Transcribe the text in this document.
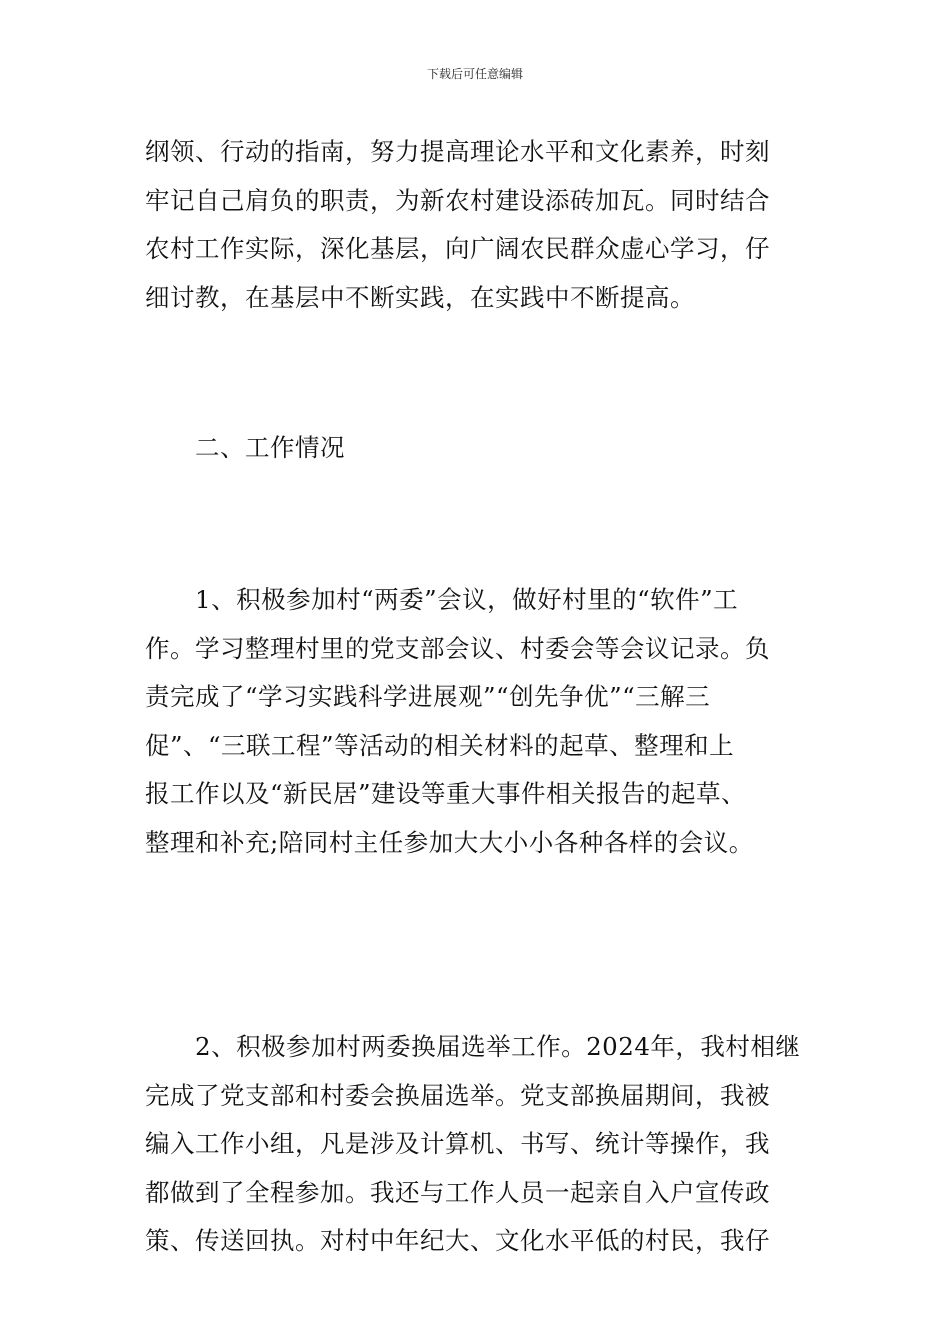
下载后可任意编辑
纲领、行动的指南，努力提高理论水平和文化素养，时刻
牢记自己肩负的职责，为新农村建设添砖加瓦。同时结合
农村工作实际，深化基层，向广阔农民群众虚心学习，仔
细讨教，在基层中不断实践，在实践中不断提高。
二、工作情况
1、积极参加村“两委”会议，做好村里的“软件”工
作。学习整理村里的党支部会议、村委会等会议记录。负
责完成了“学习实践科学进展观”“创先争优”“三解三
促”、“三联工程”等活动的相关材料的起草、整理和上
报工作以及“新民居”建设等重大事件相关报告的起草、
整理和补充;陪同村主任参加大大小小各种各样的会议。
2、积极参加村两委换届选举工作。2024年，我村相继
完成了党支部和村委会换届选举。党支部换届期间，我被
编入工作小组，凡是涉及计算机、书写、统计等操作，我
都做到了全程参加。我还与工作人员一起亲自入户宣传政
策、传送回执。对村中年纪大、文化水平低的村民，我仔
